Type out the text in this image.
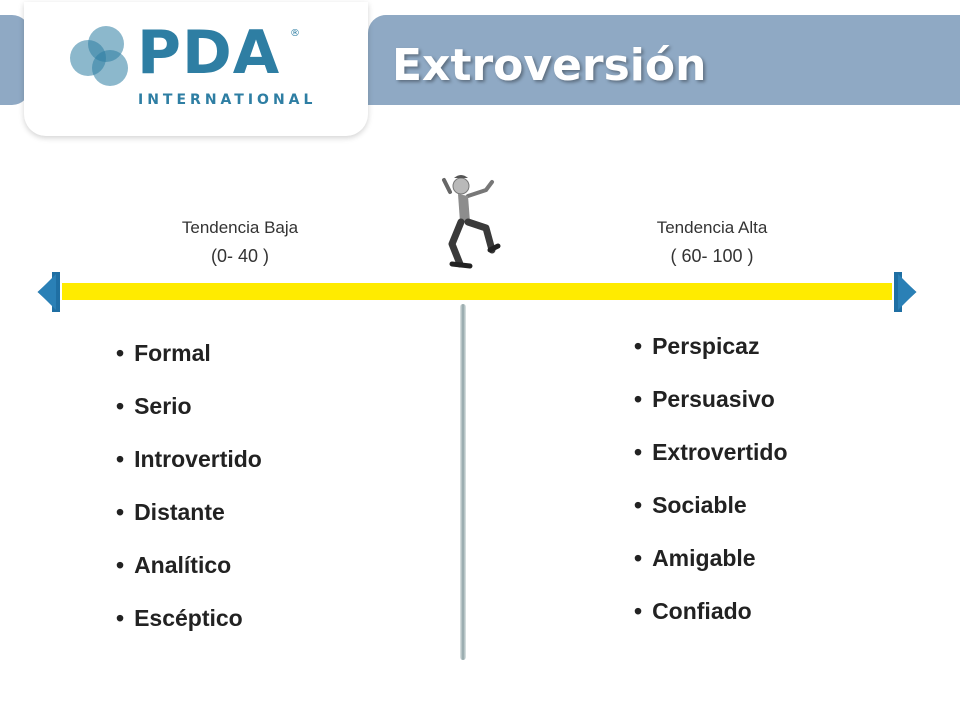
PDA ®
INTERNATIONAL
Extroversión
Tendencia Baja
(0- 40 )
Tendencia Alta
( 60- 100 )
• Formal
• Serio
• Introvertido
• Distante
• Analítico
• Escéptico
• Perspicaz
• Persuasivo
• Extrovertido
• Sociable
• Amigable
• Confiado
